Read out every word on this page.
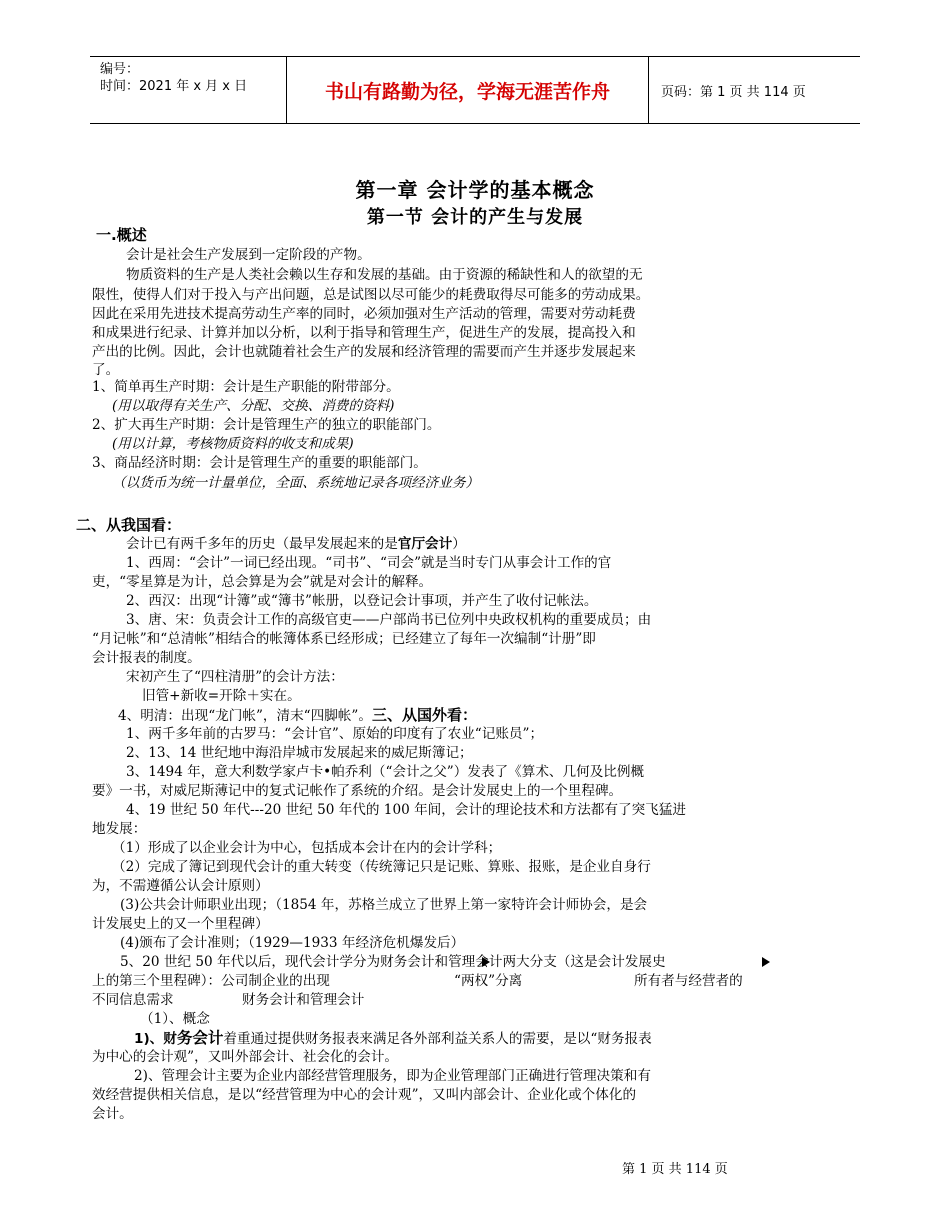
编号：
时间：2021 年 x 月 x 日	书山有路勤为径，学海无涯苦作舟	页码：第 1 页 共 114 页
第一章 会计学的基本概念
第一节 会计的产生与发展
一.概述
会计是社会生产发展到一定阶段的产物。
物质资料的生产是人类社会赖以生存和发展的基础。由于资源的稀缺性和人的欲望的无
限性，使得人们对于投入与产出问题，总是试图以尽可能少的耗费取得尽可能多的劳动成果。
因此在采用先进技术提高劳动生产率的同时，必须加强对生产活动的管理，需要对劳动耗费
和成果进行纪录、计算并加以分析，以利于指导和管理生产，促进生产的发展，提高投入和
产出的比例。因此，会计也就随着社会生产的发展和经济管理的需要而产生并逐步发展起来
了。
1、简单再生产时期：会计是生产职能的附带部分。
(用以取得有关生产、分配、交换、消费的资料)
2、扩大再生产时期：会计是管理生产的独立的职能部门。
(用以计算，考核物质资料的收支和成果)
3、商品经济时期：会计是管理生产的重要的职能部门。
（以货币为统一计量单位，全面、系统地记录各项经济业务）
二、从我国看：
会计已有两千多年的历史（最早发展起来的是官厅会计）
1、西周：“会计”一词已经出现。“司书”、“司会”就是当时专门从事会计工作的官
吏，“零星算是为计，总会算是为会”就是对会计的解释。
2、西汉：出现“计簿”或“簿书”帐册，以登记会计事项，并产生了收付记帐法。
3、唐、宋：负责会计工作的高级官吏——户部尚书已位列中央政权机构的重要成员；由
“月记帐”和“总清帐”相结合的帐簿体系已经形成；已经建立了每年一次编制“计册”即
会计报表的制度。
宋初产生了“四柱清册”的会计方法：
旧管+新收=开除＋实在。
4、明清：出现“龙门帐”，清末“四脚帐”。三、从国外看：
1、两千多年前的古罗马：“会计官”、原始的印度有了农业“记账员”；
2、13、14 世纪地中海沿岸城市发展起来的威尼斯簿记；
3、1494 年，意大利数学家卢卡•帕乔利（“会计之父”）发表了《算术、几何及比例概
要》一书，对威尼斯薄记中的复式记帐作了系统的介绍。是会计发展史上的一个里程碑。
4、19 世纪 50 年代---20 世纪 50 年代的 100 年间，会计的理论技术和方法都有了突飞猛进
地发展：
（1）形成了以企业会计为中心，包括成本会计在内的会计学科；
（2）完成了簿记到现代会计的重大转变（传统簿记只是记账、算账、报账，是企业自身行
为，不需遵循公认会计原则）
(3)公共会计师职业出现；（1854 年，苏格兰成立了世界上第一家特许会计师协会，是会
计发展史上的又一个里程碑）
(4)颁布了会计准则；（1929—1933 年经济危机爆发后）
5、20 世纪 50 年代以后，现代会计学分为财务会计和管理会计两大分支（这是会计发展史
上的第三个里程碑）：公司制企业的出现	“两权”分离	所有者与经营者的
不同信息需求	财务会计和管理会计
（1）、概念
1)、财务会计着重通过提供财务报表来满足各外部利益关系人的需要，是以“财务报表
为中心的会计观”，又叫外部会计、社会化的会计。
2)、管理会计主要为企业内部经营管理服务，即为企业管理部门正确进行管理决策和有
效经营提供相关信息，是以“经营管理为中心的会计观”，又叫内部会计、企业化或个体化的
会计。
第 1 页 共 114 页
